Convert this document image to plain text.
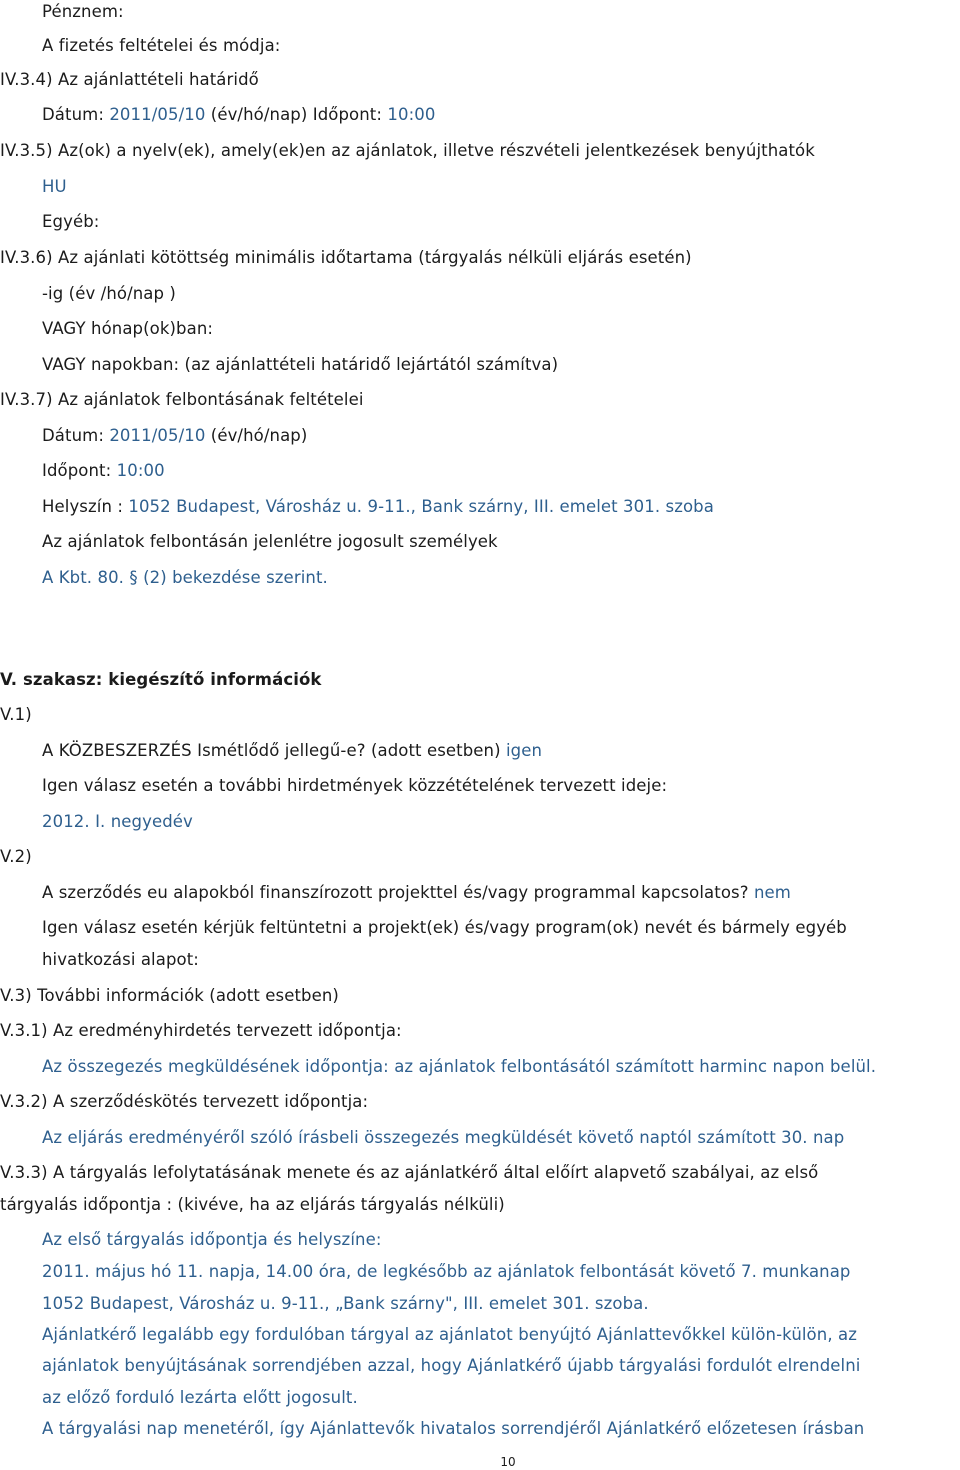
Pénznem:
A fizetés feltételei és módja:
IV.3.4) Az ajánlattételi határidő
Dátum: 2011/05/10 (év/hó/nap) Időpont: 10:00
IV.3.5) Az(ok) a nyelv(ek), amely(ek)en az ajánlatok, illetve részvételi jelentkezések benyújthatók
HU
Egyéb:
IV.3.6) Az ajánlati kötöttség minimális időtartama (tárgyalás nélküli eljárás esetén)
-ig (év /hó/nap )
VAGY hónap(ok)ban:
VAGY napokban: (az ajánlattételi határidő lejártától számítva)
IV.3.7) Az ajánlatok felbontásának feltételei
Dátum: 2011/05/10 (év/hó/nap)
Időpont: 10:00
Helyszín : 1052 Budapest, Városház u. 9-11., Bank szárny, III. emelet 301. szoba
Az ajánlatok felbontásán jelenlétre jogosult személyek
A Kbt. 80. § (2) bekezdése szerint.
V. szakasz: kiegészítő információk
V.1)
A KÖZBESZERZÉS Ismétlődő jellegű-e? (adott esetben) igen
Igen válasz esetén a további hirdetmények közzétételének tervezett ideje:
2012. I. negyedév
V.2)
A szerződés eu alapokból finanszírozott projekttel és/vagy programmal kapcsolatos? nem
Igen válasz esetén kérjük feltüntetni a projekt(ek) és/vagy program(ok) nevét és bármely egyéb
hivatkozási alapot:
V.3) További információk (adott esetben)
V.3.1) Az eredményhirdetés tervezett időpontja:
Az összegezés megküldésének időpontja: az ajánlatok felbontásától számított harminc napon belül.
V.3.2) A szerződéskötés tervezett időpontja:
Az eljárás eredményéről szóló írásbeli összegezés megküldését követő naptól számított 30. nap
V.3.3) A tárgyalás lefolytatásának menete és az ajánlatkérő által előírt alapvető szabályai, az első
tárgyalás időpontja : (kivéve, ha az eljárás tárgyalás nélküli)
Az első tárgyalás időpontja és helyszíne:
2011. május hó 11. napja, 14.00 óra, de legkésőbb az ajánlatok felbontását követő 7. munkanap
1052 Budapest, Városház u. 9-11., „Bank szárny", III. emelet 301. szoba.
Ajánlatkérő legalább egy fordulóban tárgyal az ajánlatot benyújtó Ajánlattevőkkel külön-külön, az
ajánlatok benyújtásának sorrendjében azzal, hogy Ajánlatkérő újabb tárgyalási fordulót elrendelni
az előző forduló lezárta előtt jogosult.
A tárgyalási nap menetéről, így Ajánlattevők hivatalos sorrendjéről Ajánlatkérő előzetesen írásban
10
